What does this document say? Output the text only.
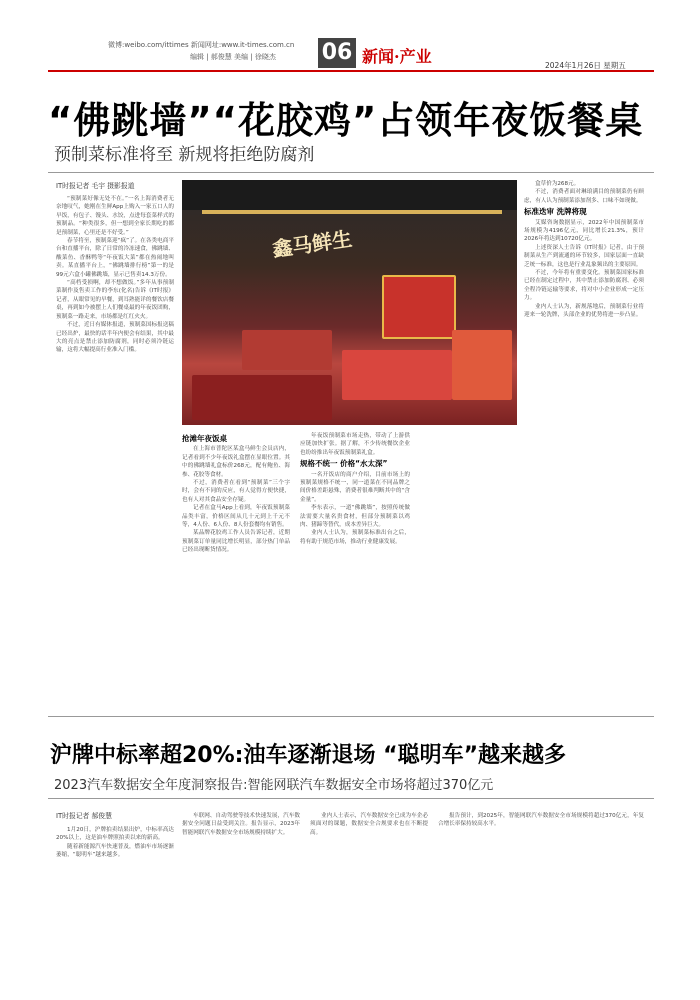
微博:weibo.com/ittimes 新闻网址:www.it-times.com.cn
编辑 | 郝俊慧 美编 | 徐晓杰 06 新闻·产业	2024年1月26日 星期五
“佛跳墙”“花胶鸡”占领年夜饭餐桌
预制菜标准将至 新规将拒绝防腐剂
IT时报记者 毛宇 摄影报道

“预制菜好像无处不在。”一名上海消费者无奈地叹气，她刚在生鲜App上购入一家五口人的早饭，有包子、馒头、水饺，点进每套菜样式的预制品。“种类很多，但一想到全家长期吃的都是预制菜，心里还是不好受。”

春节将至，预制菜迎“疯”了。在各类电商平台和直播平台，除了日常的冷冻速食，佛跳墙、酸菜鱼、香酥鸭等“年夜饭大菜”都在热闹地叫卖。某直播平台上，“佛跳墙排行榜”第一的是99元六盒小罐佛跳墙，显示已售卖14.3万份。

“高档受损啊，却不想做饭。”多年从事预制菜制作及售卖工作的李东(化名)告诉《IT时报》记者，从眼常见的早餐，到耳熟能详的餐饮店餐桌，再到如今被摆上人们餐桌最的年夜饭团购，预制菜一路走来，市场都是红红火火。

不过，近日有媒体报道，预制菜国标报送稿已经出炉，最快的话半年内便会有结果，其中最大的亮点是禁止添加防腐剂，同时必须冷链运输，这将大幅提高行业准入门槛。

鑫马鲜生
抢滩年夜饭桌

在上海市普陀区某盒马鲜生会员店内，记者看到不少年夜饭礼盒摆在显眼位置。其中的佛跳墙礼盒标价268元，配有鲍鱼、海参、花胶等食材。

不过，消费者在看到“预制菜”三个字时，会有不同的反应，有人觉得方便快捷，也有人对其食品安全存疑。

记者在盒马App上看到，年夜饭预制菜品类丰富，价格区间从几十元到上千元不等，4人份、6人份、8人份套餐均有销售。

某品牌花胶鸡工作人员告诉记者，近期预制菜订单量同比增长明显，部分热门单品已经出现断货情况。

年夜饭预制菜市场走热，带动了上游供应链加快扩张。据了解，不少传统餐饮企业也纷纷推出年夜饭预制菜礼盒。

规格不统一 价格“水太深”

一名开饭店的商户介绍，目前市场上的预制菜规格不统一，同一道菜在不同品牌之间价格差距悬殊，消费者很难判断其中的“含金量”。

李东表示，一道“佛跳墙”，按照传统做法需要大量名贵食材，但部分预制菜以鸡肉、猪蹄等替代，成本差异巨大。

业内人士认为，预制菜标准出台之后，将有助于规范市场，推动行业健康发展。

盒草价为268元。

不过，消费者面对琳琅满目的预制菜仍有顾虑，有人认为预制菜添加剂多、口味不如现做。

标准迭审 洗牌将现

艾媒咨询数据显示，2022年中国预制菜市场规模为4196亿元，同比增长21.3%，预计2026年将达到10720亿元。

上述资深人士告诉《IT时报》记者，由于预制菜从生产到流通的环节较多，国家层面一直缺乏统一标准，这也是行业乱象频出的主要原因。

不过，今年将有重要变化。预制菜国家标准已经在制定过程中，其中禁止添加防腐剂、必须全程冷链运输等要求，将对中小企业形成一定压力。

业内人士认为，新规落地后，预制菜行业将迎来一轮洗牌，头部企业的优势将进一步凸显。

沪牌中标率超20%:油车逐渐退场 “聪明车”越来越多
2023汽车数据安全年度洞察报告:智能网联汽车数据安全市场将超过370亿元
IT时报记者 郝俊慧

1月20日，沪牌拍卖结果出炉，中标率高达20%以上，这是油车牌照拍卖以来的新高。

随着新能源汽车快速普及，燃油车市场逐渐萎缩，“聪明车”越来越多。

车联网、自动驾驶等技术快速发展，汽车数据安全问题日益受到关注。报告显示，2023年智能网联汽车数据安全市场规模持续扩大。

业内人士表示，汽车数据安全已成为车企必须面对的课题，数据安全合规要求也在不断提高。

报告预计，到2025年，智能网联汽车数据安全市场规模将超过370亿元，年复合增长率保持较高水平。
